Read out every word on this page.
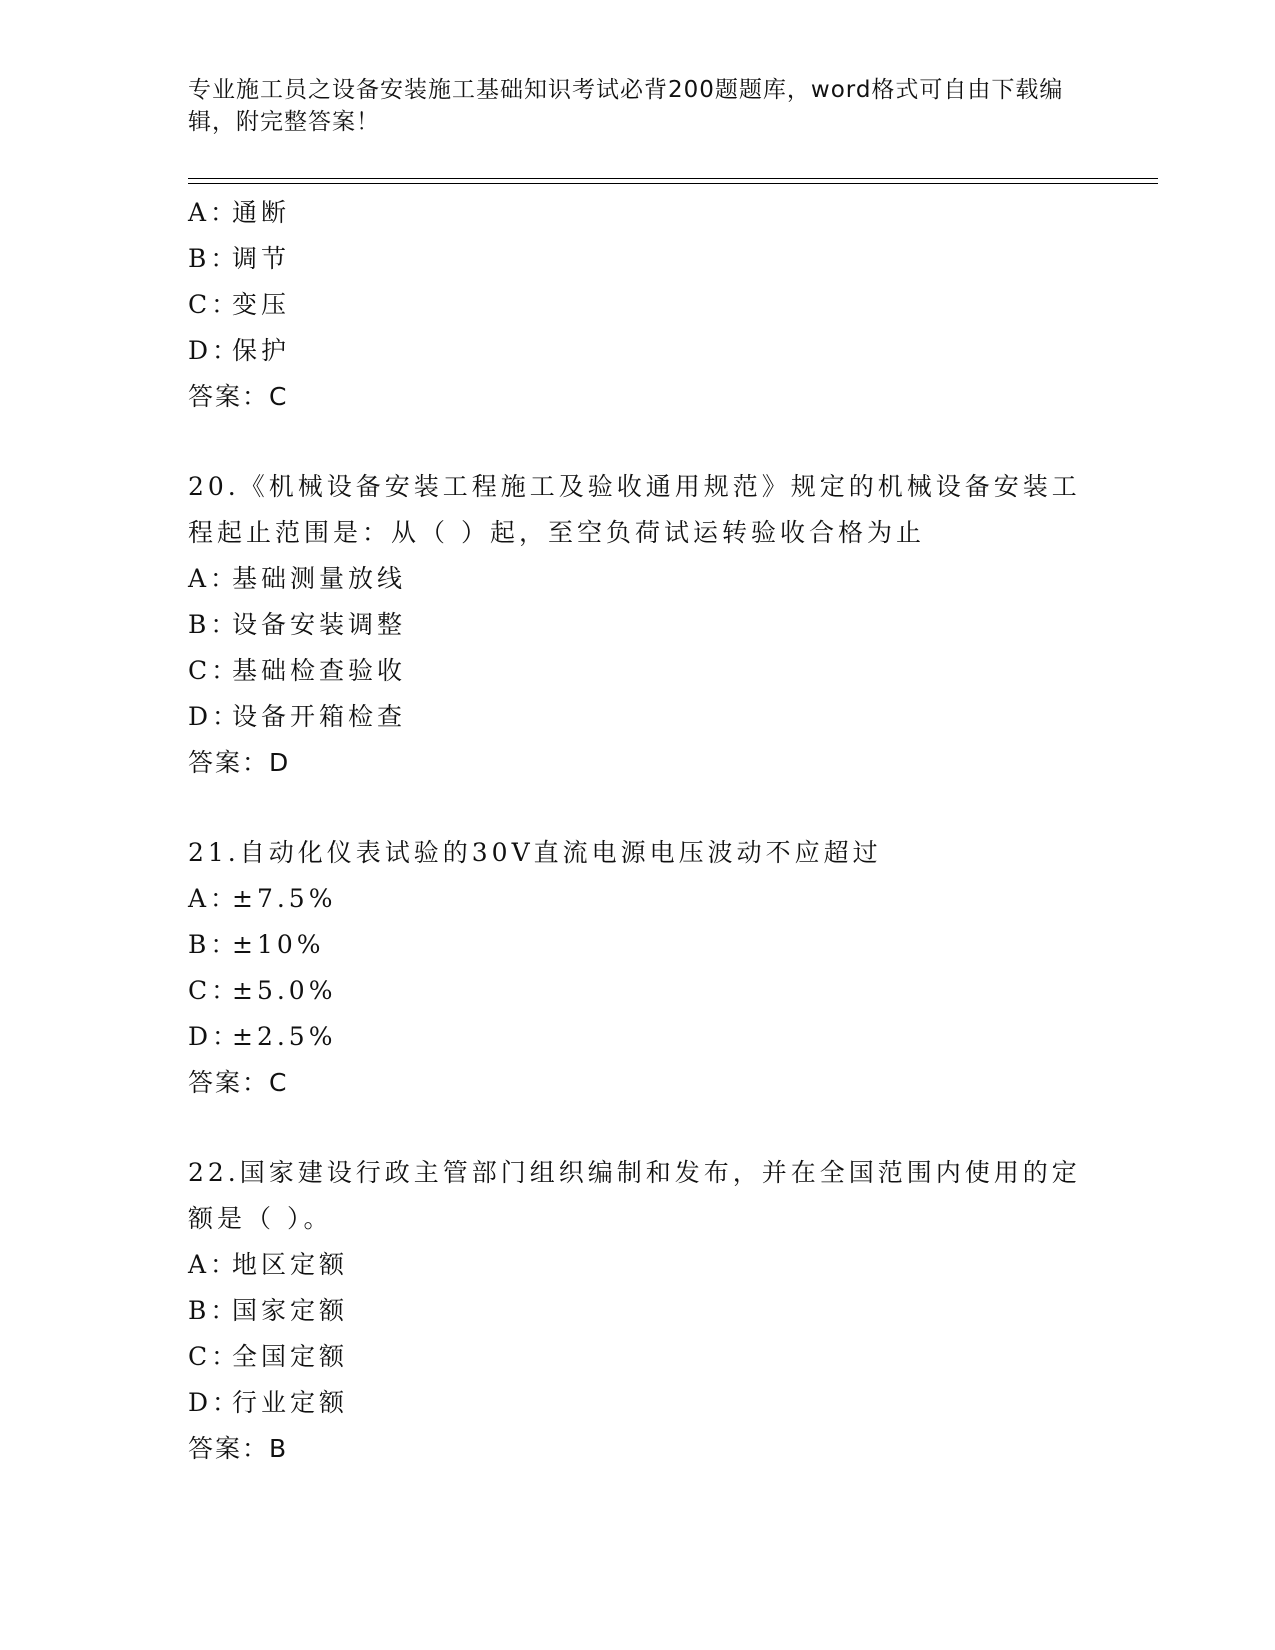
专业施工员之设备安装施工基础知识考试必背200题题库，word格式可自由下载编辑，附完整答案！
A：通断
B：调节
C：变压
D：保护
答案：C
20.《机械设备安装工程施工及验收通用规范》规定的机械设备安装工程起止范围是：从（ ）起，至空负荷试运转验收合格为止
A：基础测量放线
B：设备安装调整
C：基础检查验收
D：设备开箱检查
答案：D
21.自动化仪表试验的30V直流电源电压波动不应超过
A：±7.5%
B：±10%
C：±5.0%
D：±2.5%
答案：C
22.国家建设行政主管部门组织编制和发布，并在全国范围内使用的定额是（ ）。
A：地区定额
B：国家定额
C：全国定额
D：行业定额
答案：B
